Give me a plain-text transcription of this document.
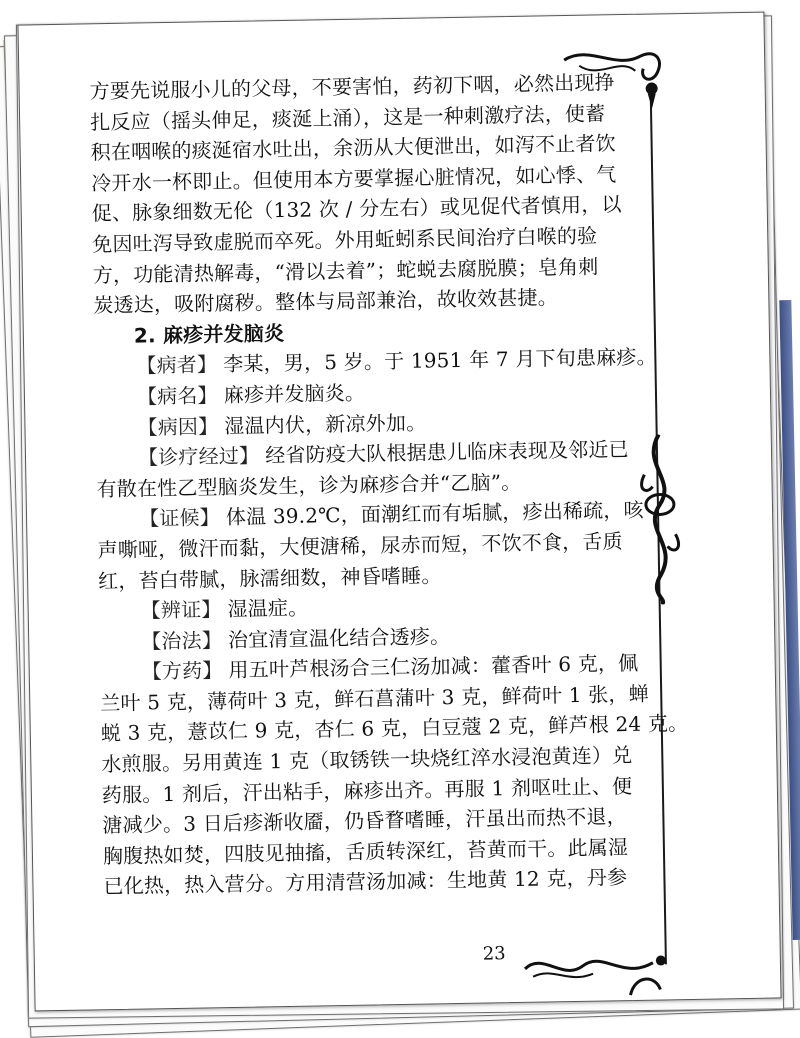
方要先说服小儿的父母，不要害怕，药初下咽，必然出现挣
扎反应（摇头伸足，痰涎上涌），这是一种刺激疗法，使蓄
积在咽喉的痰涎宿水吐出，余沥从大便泄出，如泻不止者饮
冷开水一杯即止。但使用本方要掌握心脏情况，如心悸、气
促、脉象细数无伦（132 次 / 分左右）或见促代者慎用，以
免因吐泻导致虚脱而卒死。外用蚯蚓系民间治疗白喉的验
方，功能清热解毒，“滑以去着”；蛇蜕去腐脱膜；皂角刺
炭透达，吸附腐秽。整体与局部兼治，故收效甚捷。
2. 麻疹并发脑炎
【病者】 李某，男，5 岁。于 1951 年 7 月下旬患麻疹。
【病名】 麻疹并发脑炎。
【病因】 湿温内伏，新凉外加。
【诊疗经过】 经省防疫大队根据患儿临床表现及邻近已
有散在性乙型脑炎发生，诊为麻疹合并“乙脑”。
【证候】 体温 39.2℃，面潮红而有垢腻，疹出稀疏，咳
声嘶哑，微汗而黏，大便溏稀，尿赤而短，不饮不食，舌质
红，苔白带腻，脉濡细数，神昏嗜睡。
【辨证】 湿温症。
【治法】 治宜清宣温化结合透疹。
【方药】 用五叶芦根汤合三仁汤加减：藿香叶 6 克，佩
兰叶 5 克，薄荷叶 3 克，鲜石菖蒲叶 3 克，鲜荷叶 1 张，蝉
蜕 3 克，薏苡仁 9 克，杏仁 6 克，白豆蔻 2 克，鲜芦根 24 克。
水煎服。另用黄连 1 克（取锈铁一块烧红淬水浸泡黄连）兑
药服。1 剂后，汗出粘手，麻疹出齐。再服 1 剂呕吐止、便
溏减少。3 日后疹渐收靥，仍昏瞀嗜睡，汗虽出而热不退，
胸腹热如焚，四肢见抽搐，舌质转深红，苔黄而干。此属湿
已化热，热入营分。方用清营汤加减：生地黄 12 克，丹参
23
